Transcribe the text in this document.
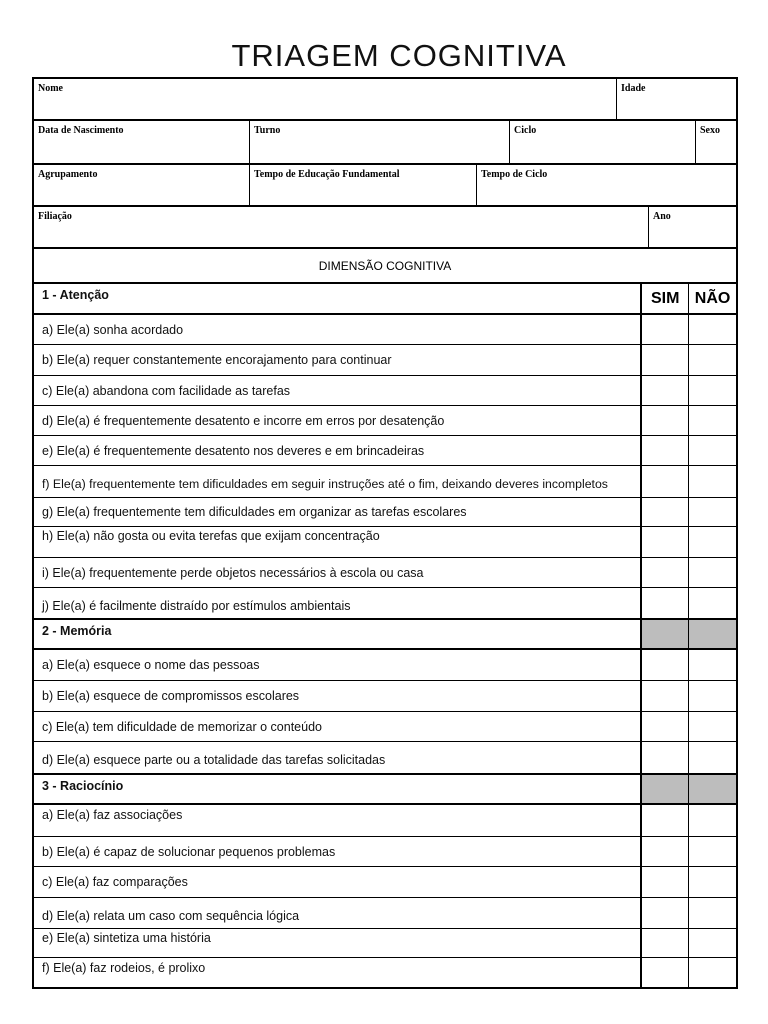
TRIAGEM COGNITIVA
Nome	Idade
Data de Nascimento	Turno	Ciclo	Sexo
Agrupamento	Tempo de Educação Fundamental	Tempo de Ciclo
Filiação	Ano
DIMENSÃO COGNITIVA
1 - Atenção	SIM NÃO
a) Ele(a) sonha acordado
b) Ele(a) requer constantemente encorajamento para continuar
c) Ele(a) abandona com facilidade as tarefas
d) Ele(a) é frequentemente desatento e incorre em erros por desatenção
e) Ele(a) é frequentemente desatento nos deveres e em brincadeiras
f) Ele(a) frequentemente tem dificuldades em seguir instruções até o fim, deixando deveres incompletos
g) Ele(a) frequentemente tem dificuldades em organizar as tarefas escolares
h) Ele(a) não gosta ou evita terefas que exijam concentração
i) Ele(a) frequentemente perde objetos necessários à escola ou casa
j) Ele(a) é facilmente distraído por estímulos ambientais
2 - Memória
a) Ele(a) esquece o nome das pessoas
b) Ele(a) esquece de compromissos escolares
c) Ele(a) tem dificuldade de memorizar o conteúdo
d) Ele(a) esquece parte ou a totalidade das tarefas solicitadas
3 - Raciocínio
a) Ele(a) faz associações
b) Ele(a) é capaz de solucionar pequenos problemas
c) Ele(a) faz comparações
d) Ele(a) relata um caso com sequência lógica
e) Ele(a) sintetiza uma história
f) Ele(a) faz rodeios, é prolixo
